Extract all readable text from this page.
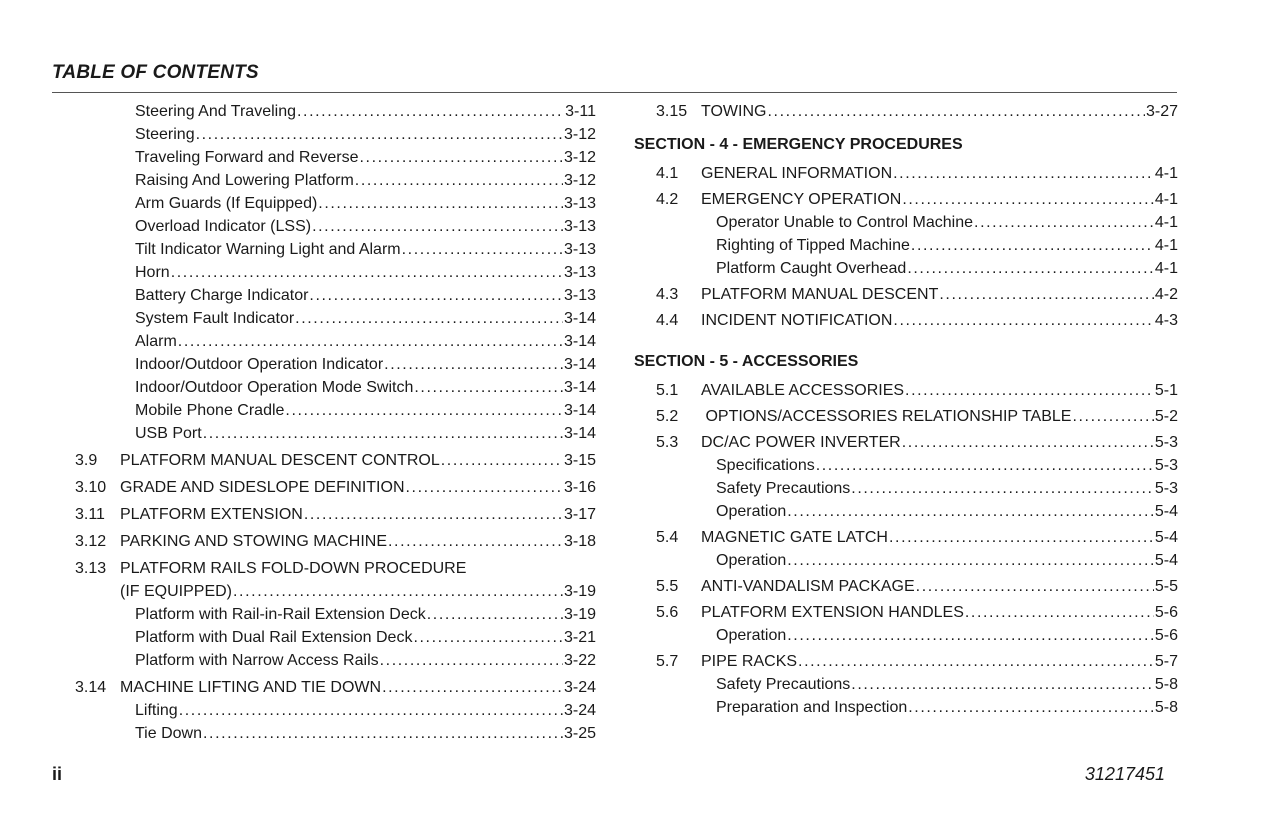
TABLE OF CONTENTS
Steering And Traveling .....	3-11
Steering .....	3-12
Traveling Forward and Reverse .....	3-12
Raising And Lowering Platform .....	3-12
Arm Guards (If Equipped) .....	3-13
Overload Indicator (LSS) .....	3-13
Tilt Indicator Warning Light and Alarm .....	3-13
Horn .....	3-13
Battery Charge Indicator .....	3-13
System Fault Indicator .....	3-14
Alarm .....	3-14
Indoor/Outdoor Operation Indicator .....	3-14
Indoor/Outdoor Operation Mode Switch .....	3-14
Mobile Phone Cradle .....	3-14
USB Port .....	3-14
3.9	PLATFORM MANUAL DESCENT CONTROL .....	3-15
3.10 GRADE AND SIDESLOPE DEFINITION .....	3-16
3.11 PLATFORM EXTENSION .....	3-17
3.12 PARKING AND STOWING MACHINE .....	3-18
3.13 PLATFORM RAILS FOLD-DOWN PROCEDURE
(IF EQUIPPED) .....	3-19
Platform with Rail-in-Rail Extension Deck .....	3-19
Platform with Dual Rail Extension Deck .....	3-21
Platform with Narrow Access Rails .....	3-22
3.14 MACHINE LIFTING AND TIE DOWN .....	3-24
Lifting .....	3-24
Tie Down .....	3-25
3.15 TOWING .....	3-27
SECTION - 4 - EMERGENCY PROCEDURES
4.1	GENERAL INFORMATION .....	4-1
4.2	EMERGENCY OPERATION .....	4-1
Operator Unable to Control Machine .....	4-1
Righting of Tipped Machine .....	4-1
Platform Caught Overhead .....	4-1
4.3	PLATFORM MANUAL DESCENT .....	4-2
4.4	INCIDENT NOTIFICATION .....	4-3
SECTION - 5 - ACCESSORIES
5.1	AVAILABLE ACCESSORIES .....	5-1
5.2	OPTIONS/ACCESSORIES RELATIONSHIP TABLE .....	5-2
5.3	DC/AC POWER INVERTER .....	5-3
Specifications .....	5-3
Safety Precautions .....	5-3
Operation .....	5-4
5.4	MAGNETIC GATE LATCH .....	5-4
Operation .....	5-4
5.5	ANTI-VANDALISM PACKAGE .....	5-5
5.6	PLATFORM EXTENSION HANDLES .....	5-6
Operation .....	5-6
5.7	PIPE RACKS .....	5-7
Safety Precautions .....	5-8
Preparation and Inspection .....	5-8
ii	31217451
